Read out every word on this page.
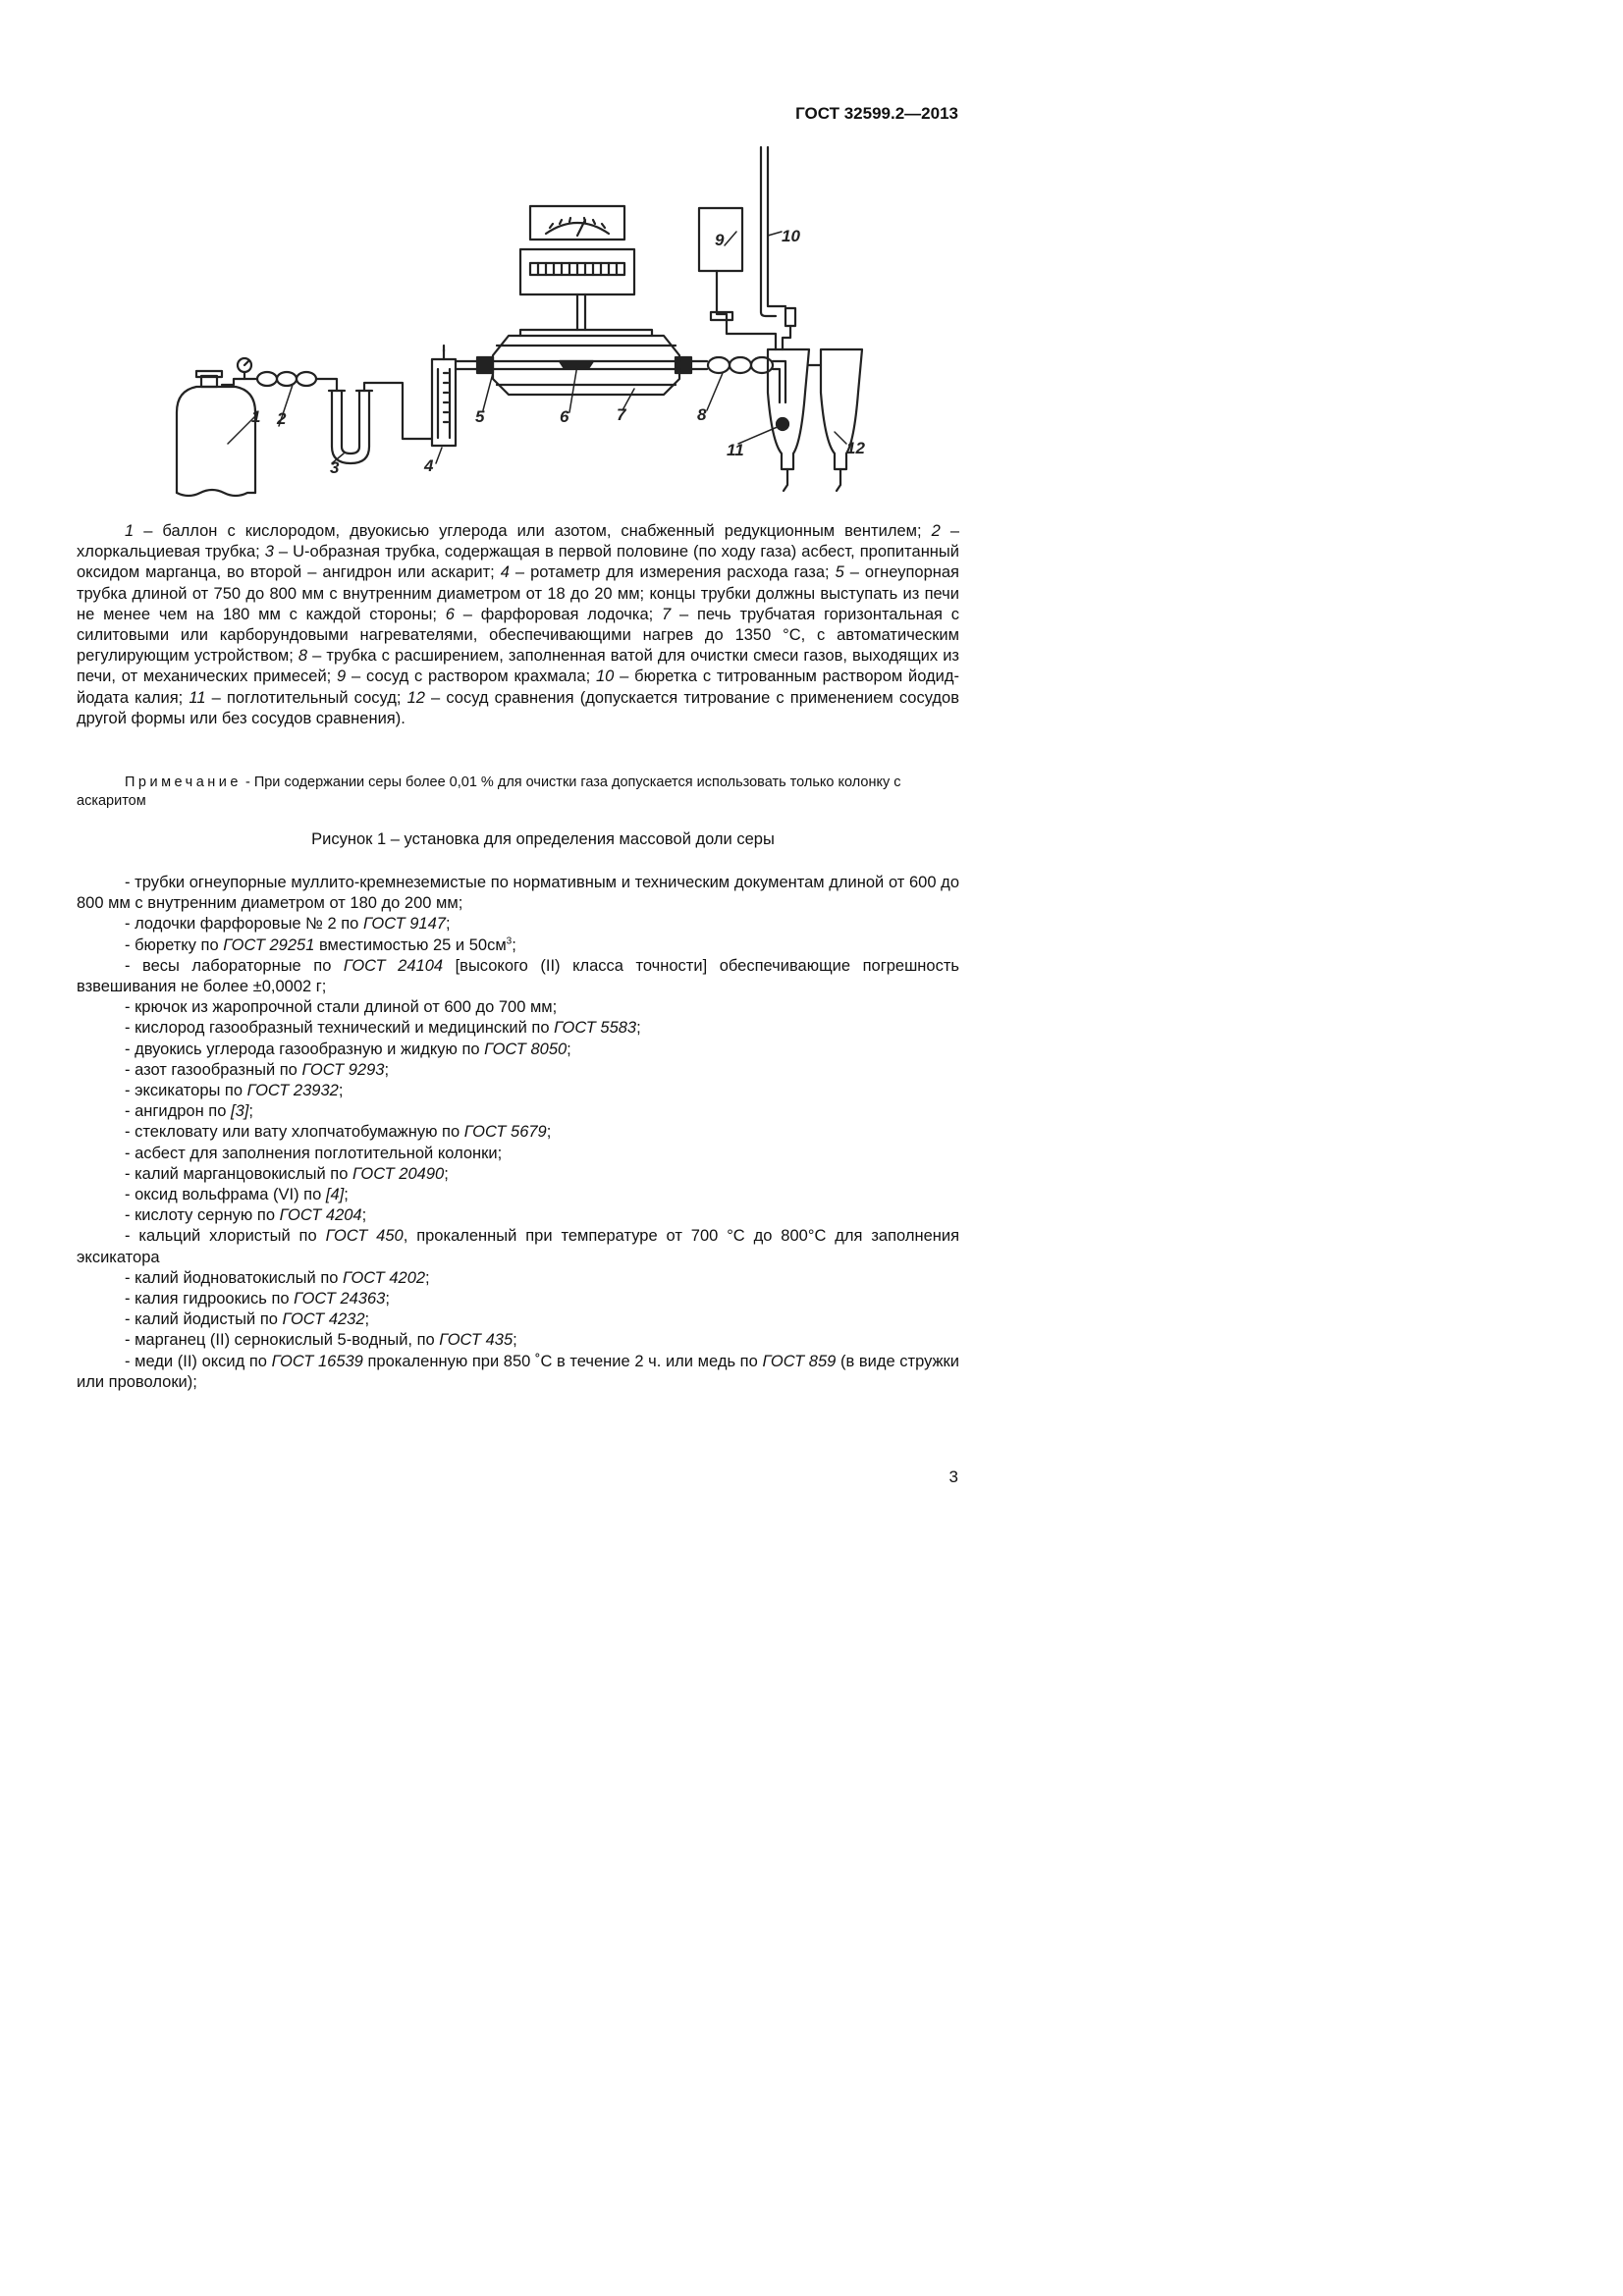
ГОСТ 32599.2—2013
1 2
3	4
5	6	7	8
9	10
11	12

1 – баллон с кислородом, двуокисью углерода или азотом, снабженный редукционным вентилем; 2 – хлоркальциевая трубка; 3 – U-образная трубка, содержащая в первой половине (по ходу газа) асбест, пропитанный оксидом марганца, во второй – ангидрон или аскарит; 4 – ротаметр для измерения расхода газа; 5 – огнеупорная трубка длиной от 750 до 800 мм с внутренним диаметром от 18 до 20 мм; концы трубки должны выступать из печи не менее чем на 180 мм с каждой стороны; 6 – фарфоровая лодочка; 7 – печь трубчатая горизонтальная с силитовыми или карборундовыми нагревателями, обеспечивающими нагрев до 1350 °С, с автоматическим регулирующим устройством; 8 – трубка с расширением, заполненная ватой для очистки смеси газов, выходящих из печи, от механических примесей; 9 – сосуд с раствором крахмала; 10 – бюретка с титрованным раствором йодид-йодата калия; 11 – поглотительный сосуд; 12 – сосуд сравнения (допускается титрование с применением сосудов другой формы или без сосудов сравнения).

Примечание - При содержании серы более 0,01 % для очистки газа допускается использовать только колонку с аскаритом

Рисунок 1 – установка для определения массовой доли серы

- трубки огнеупорные муллито-кремнеземистые по нормативным и техническим документам длиной от 600 до 800 мм с внутренним диаметром от 180 до 200 мм;

- лодочки фарфоровые № 2 по ГОСТ 9147;

- бюретку по ГОСТ 29251 вместимостью 25 и $50см^3$;

- весы лабораторные по ГОСТ 24104 [высокого (II) класса точности] обеспечивающие погрешность взвешивания не более ±0,0002 г;

- крючок из жаропрочной стали длиной от 600 до 700 мм;

- кислород газообразный технический и медицинский по ГОСТ 5583;

- двуокись углерода газообразную и жидкую по ГОСТ 8050;

- азот газообразный по ГОСТ 9293;

- эксикаторы по ГОСТ 23932;

- ангидрон по [3];

- стекловату или вату хлопчатобумажную по ГОСТ 5679;

- асбест для заполнения поглотительной колонки;

- калий марганцовокислый по ГОСТ 20490;

- оксид вольфрама (VI) по [4];

- кислоту серную по ГОСТ 4204;

- кальций хлористый по ГОСТ 450, прокаленный при температуре от 700 °С до 800°С для заполнения эксикатора

- калий йодноватокислый по ГОСТ 4202;

- калия гидроокись по ГОСТ 24363;

- калий йодистый по ГОСТ 4232;

- марганец (II) сернокислый 5-водный, по ГОСТ 435;

- меди (II) оксид по ГОСТ 16539 прокаленную при 850 ˚С в течение 2 ч. или медь по ГОСТ 859 (в виде стружки или проволоки);

3
